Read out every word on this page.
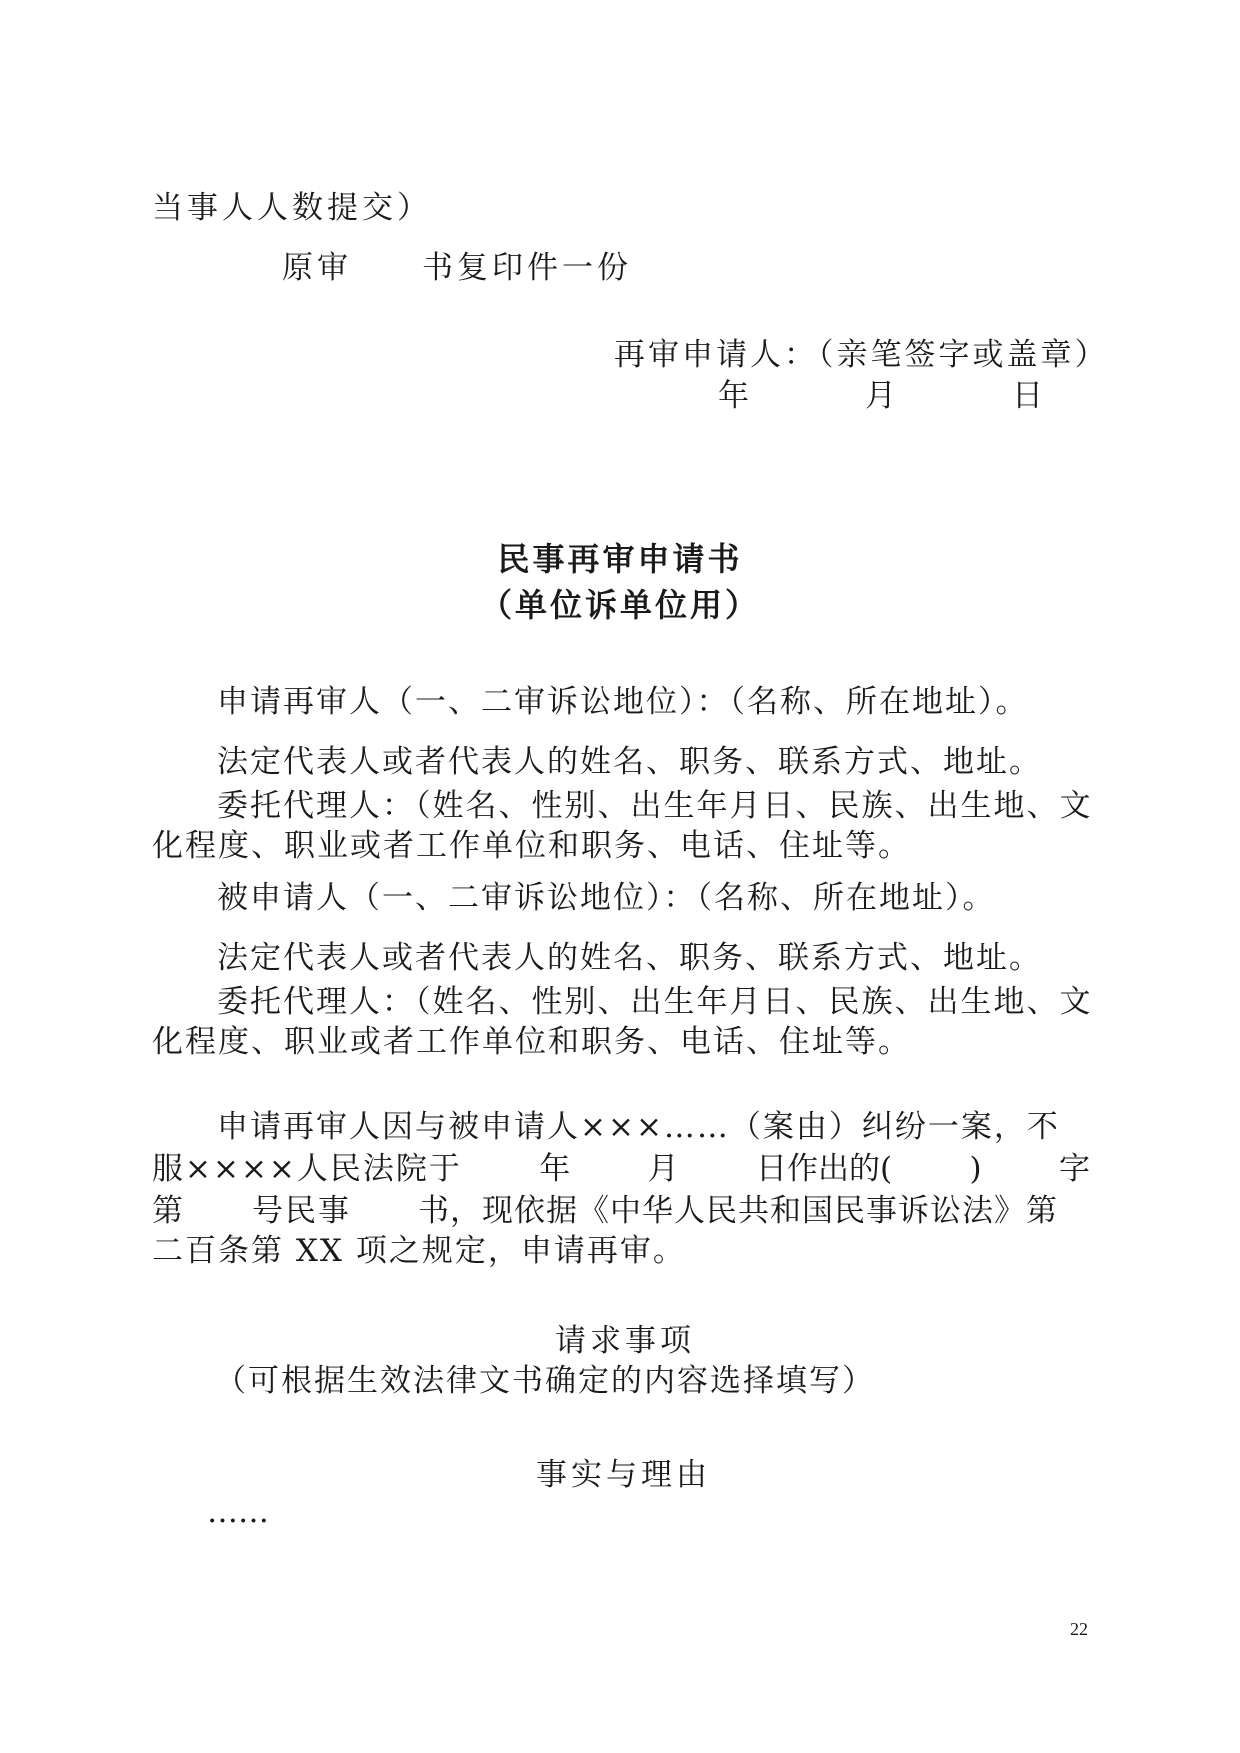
当事人人数提交）
原审　　书复印件一份
再审申请人：（亲笔签字或盖章）
年　　月　　日
民事再审申请书
（单位诉单位用）
申请再审人（一、二审诉讼地位）：（名称、所在地址）。
法定代表人或者代表人的姓名、职务、联系方式、地址。
委托代理人：（姓名、性别、出生年月日、民族、出生地、文
化程度、职业或者工作单位和职务、电话、住址等。
被申请人（一、二审诉讼地位）：（名称、所在地址）。
法定代表人或者代表人的姓名、职务、联系方式、地址。
委托代理人：（姓名、性别、出生年月日、民族、出生地、文
化程度、职业或者工作单位和职务、电话、住址等。
申请再审人因与被申请人×××……（案由）纠纷一案，不
服××××人民法院于 年 月 日作出的( ) 字
第 号民事 书，现依据《中华人民共和国民事诉讼法》第
二百条第 XX 项之规定，申请再审。
请求事项
（可根据生效法律文书确定的内容选择填写）
事实与理由
……
22
